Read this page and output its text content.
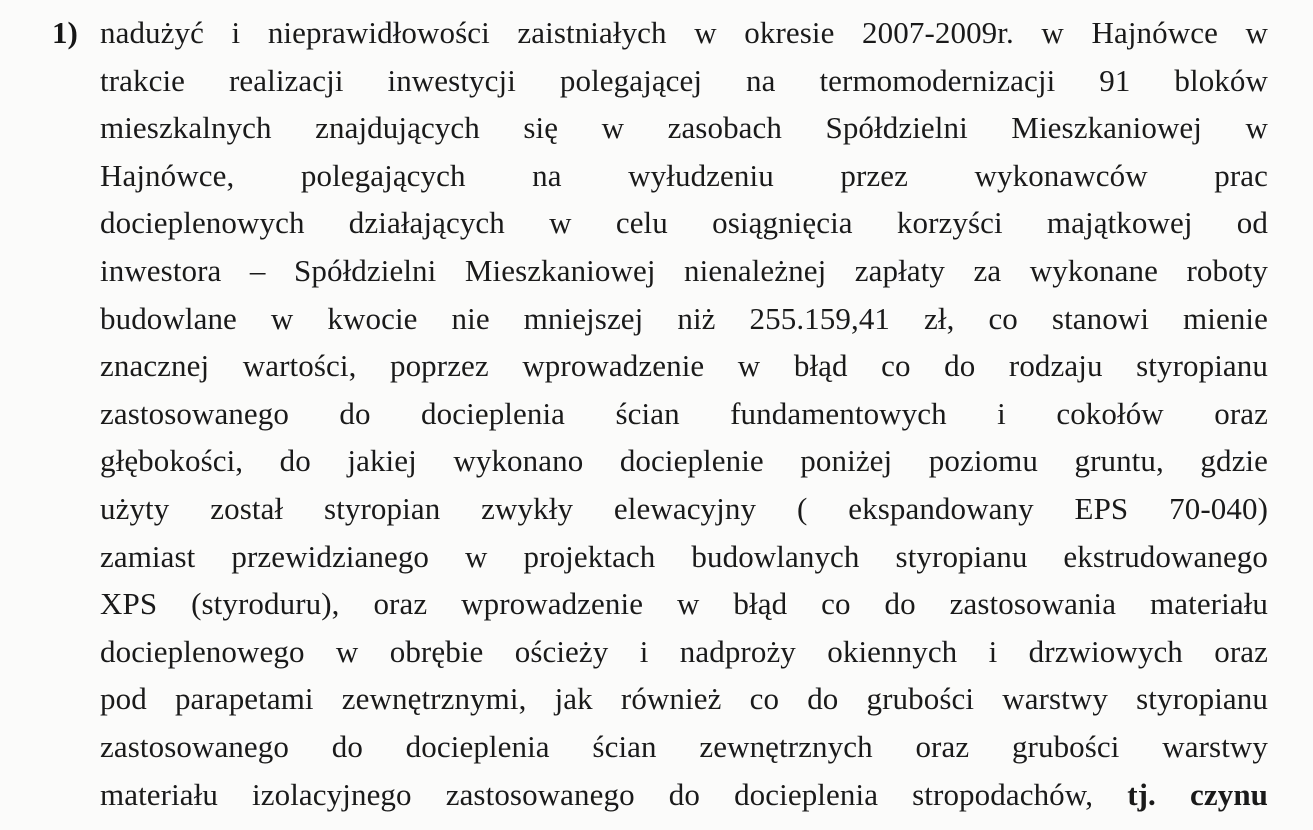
1) nadużyć i nieprawidłowości zaistniałych w okresie 2007-2009r. w Hajnówce w
trakcie realizacji inwestycji polegającej na termomodernizacji 91 bloków
mieszkalnych znajdujących się w zasobach Spółdzielni Mieszkaniowej w
Hajnówce, polegających na wyłudzeniu przez wykonawców prac
docieplenowych działających w celu osiągnięcia korzyści majątkowej od
inwestora – Spółdzielni Mieszkaniowej nienależnej zapłaty za wykonane roboty
budowlane w kwocie nie mniejszej niż 255.159,41 zł, co stanowi mienie
znacznej wartości, poprzez wprowadzenie w błąd co do rodzaju styropianu
zastosowanego do docieplenia ścian fundamentowych i cokołów oraz
głębokości, do jakiej wykonano docieplenie poniżej poziomu gruntu, gdzie
użyty został styropian zwykły elewacyjny ( ekspandowany EPS 70-040)
zamiast przewidzianego w projektach budowlanych styropianu ekstrudowanego
XPS (styroduru), oraz wprowadzenie w błąd co do zastosowania materiału
docieplenowego w obrębie ościeży i nadproży okiennych i drzwiowych oraz
pod parapetami zewnętrznymi, jak również co do grubości warstwy styropianu
zastosowanego do docieplenia ścian zewnętrznych oraz grubości warstwy
materiału izolacyjnego zastosowanego do docieplenia stropodachów, tj. czynu
